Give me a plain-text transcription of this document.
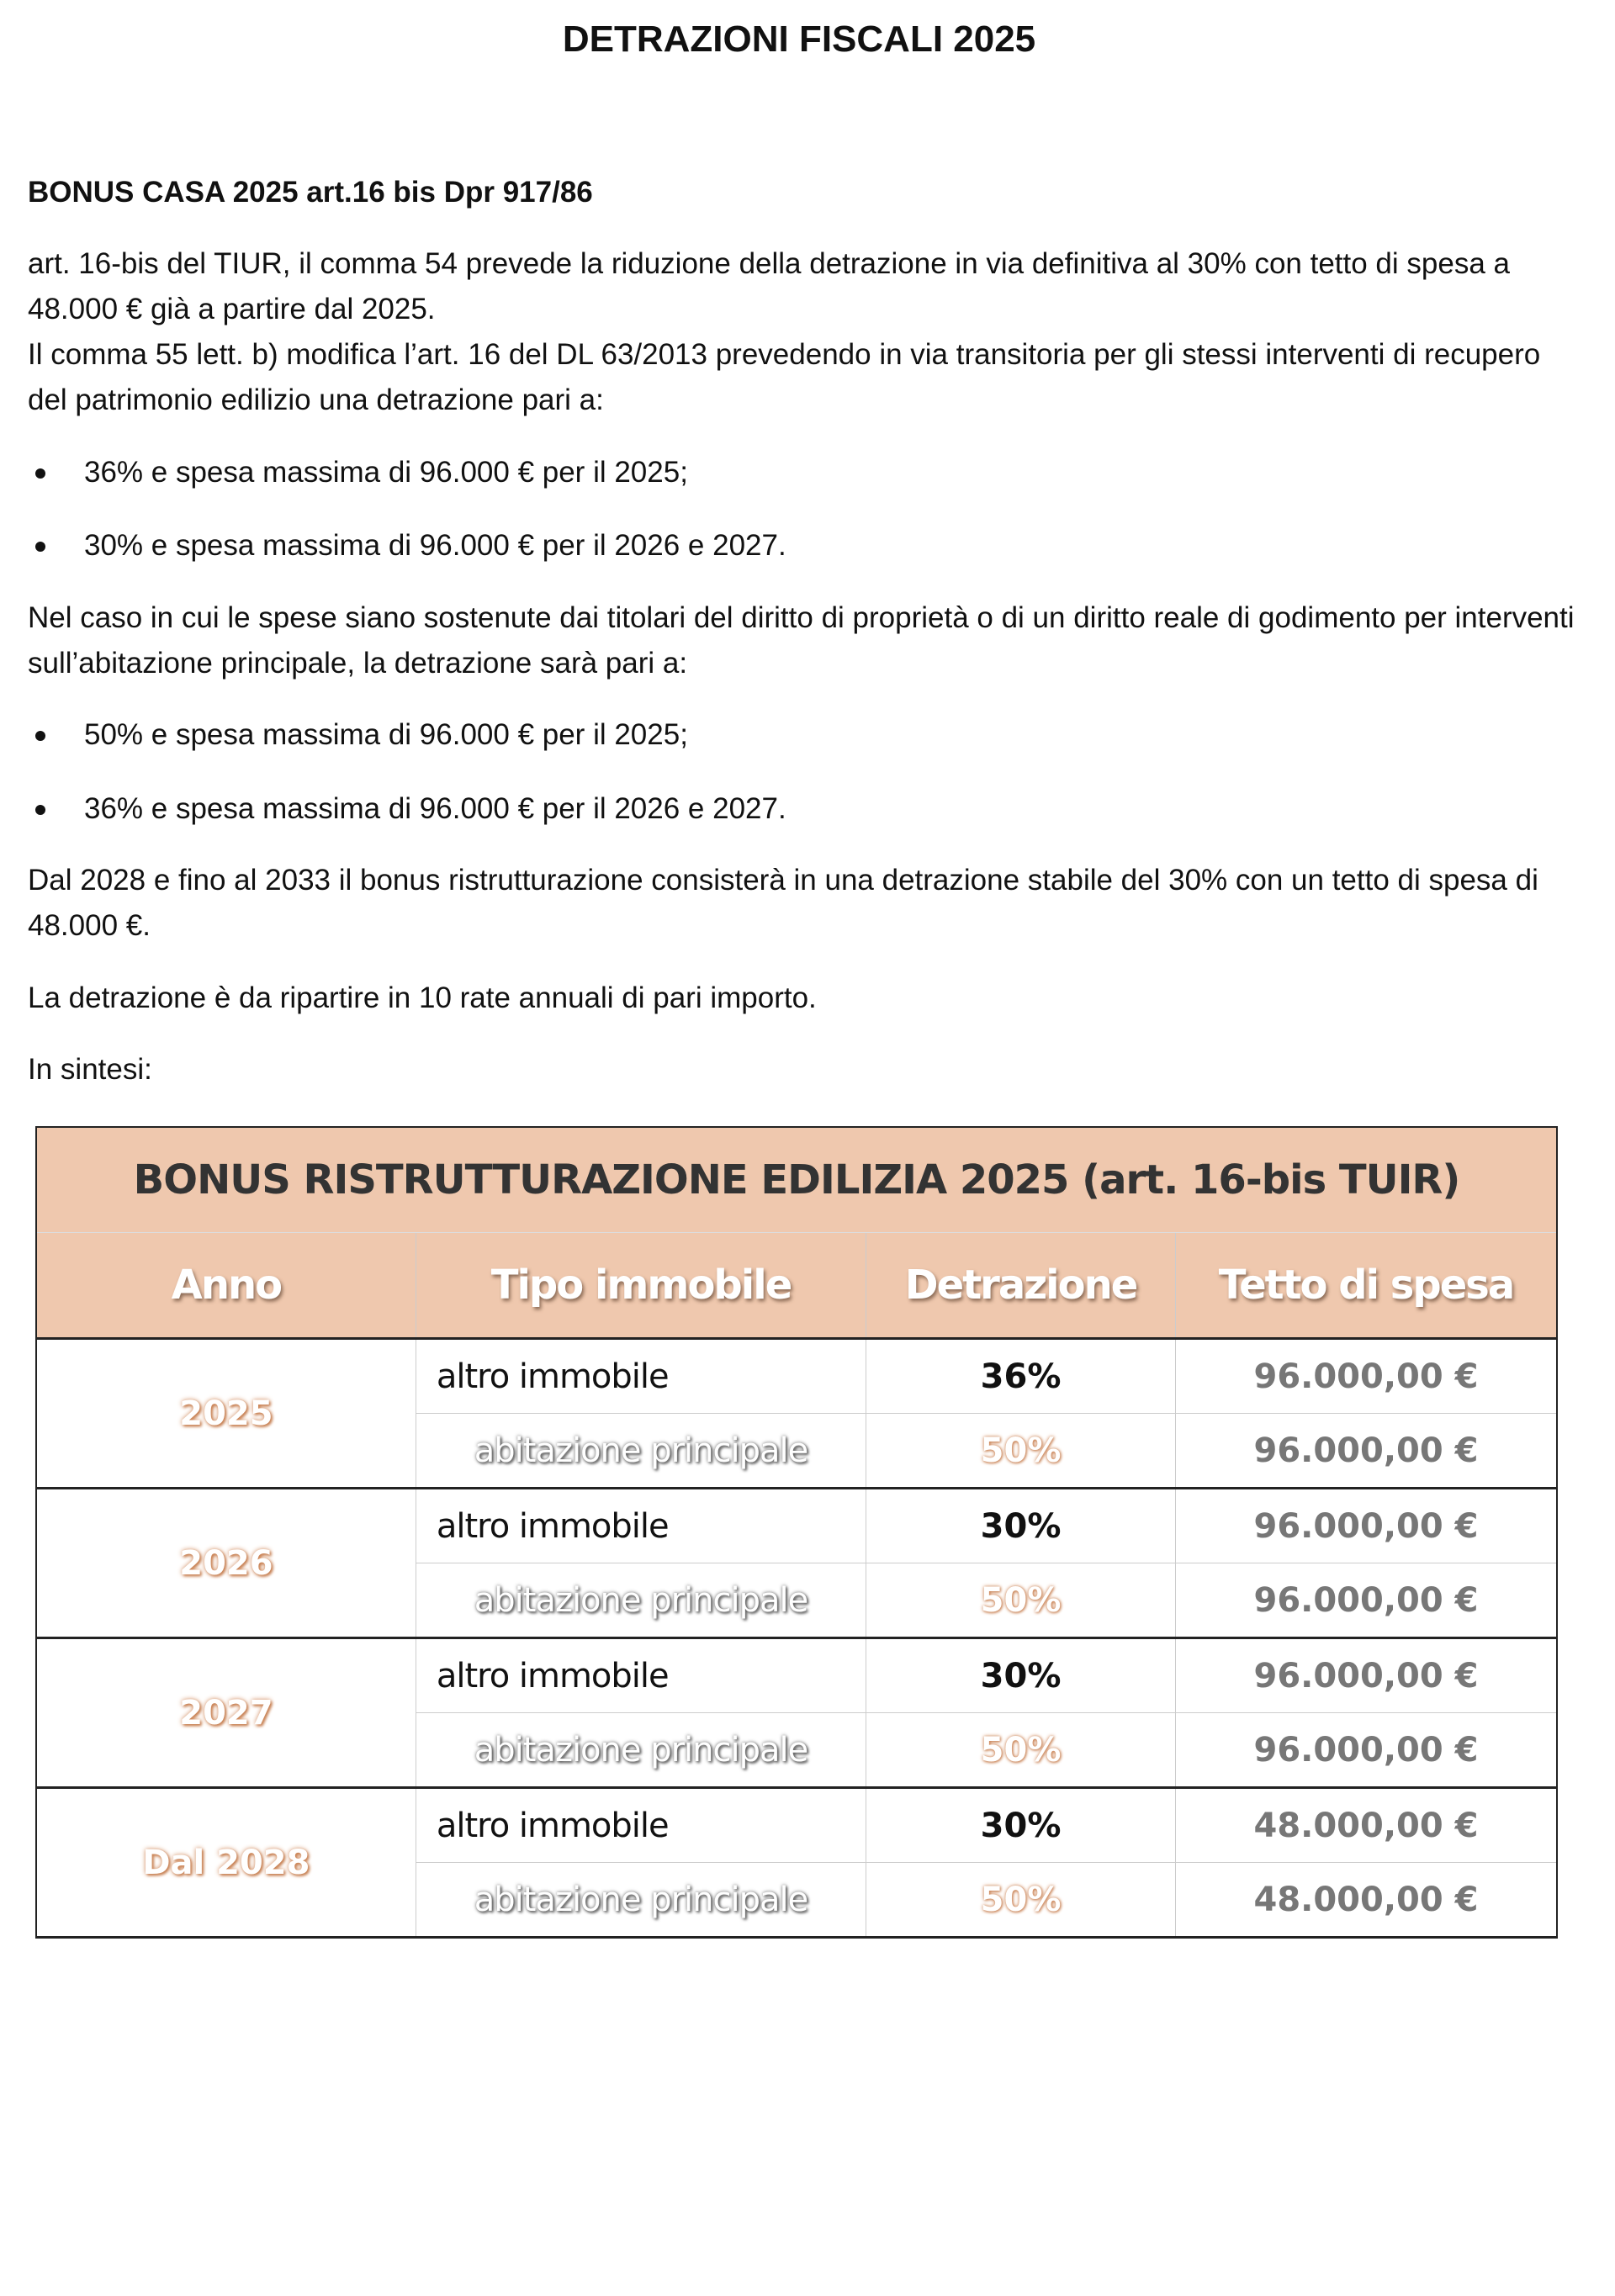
DETRAZIONI FISCALI 2025
BONUS CASA 2025 art.16 bis Dpr 917/86
art. 16-bis del TIUR, il comma 54 prevede la riduzione della detrazione in via definitiva al 30% con tetto di spesa a 48.000 € già a partire dal 2025.
Il comma 55 lett. b) modifica l’art. 16 del DL 63/2013 prevedendo in via transitoria per gli stessi interventi di recupero del patrimonio edilizio una detrazione pari a:
36% e spesa massima di 96.000 € per il 2025;
30% e spesa massima di 96.000 € per il 2026 e 2027.
Nel caso in cui le spese siano sostenute dai titolari del diritto di proprietà o di un diritto reale di godimento per interventi sull’abitazione principale, la detrazione sarà pari a:
50% e spesa massima di 96.000 € per il 2025;
36% e spesa massima di 96.000 € per il 2026 e 2027.
Dal 2028 e fino al 2033 il bonus ristrutturazione consisterà in una detrazione stabile del 30% con un tetto di spesa di 48.000 €.
La detrazione è da ripartire in 10 rate annuali di pari importo.
In sintesi:
BONUS RISTRUTTURAZIONE EDILIZIA 2025 (art. 16-bis TUIR)			
Anno	Tipo immobile	Detrazione	Tetto di spesa
2025	altro immobile	36%	96.000,00 €
	abitazione principale	50%	96.000,00 €
2026	altro immobile	30%	96.000,00 €
	abitazione principale	50%	96.000,00 €
2027	altro immobile	30%	96.000,00 €
	abitazione principale	50%	96.000,00 €
Dal 2028	altro immobile	30%	48.000,00 €
	abitazione principale	50%	48.000,00 €
